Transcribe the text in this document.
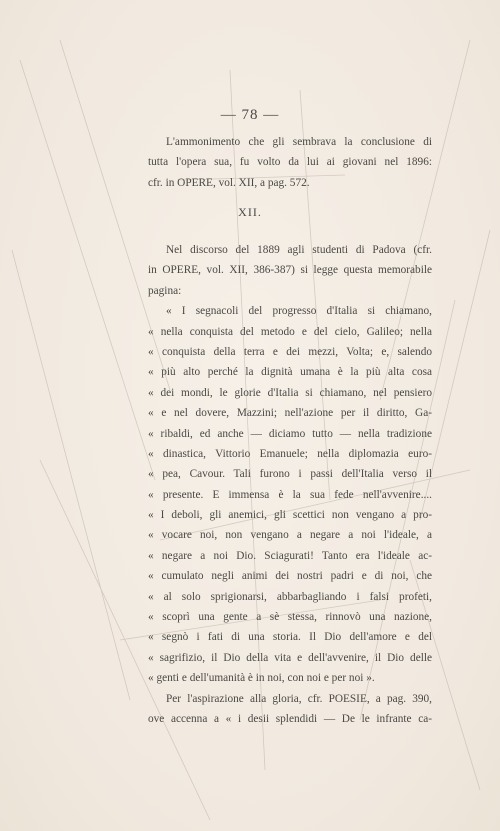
— 78 —
L'ammonimento che gli sembrava la conclusione di
tutta l'opera sua, fu volto da lui ai giovani nel 1896:
cfr. in OPERE, vol. XII, a pag. 572.
XII.
Nel discorso del 1889 agli studenti di Padova (cfr.
in OPERE, vol. XII, 386-387) si legge questa memorabile
pagina:
« I segnacoli del progresso d'Italia si chiamano,
« nella conquista del metodo e del cielo, Galileo; nella
« conquista della terra e dei mezzi, Volta; e, salendo
« più alto perché la dignità umana è la più alta cosa
« dei mondi, le glorie d'Italia si chiamano, nel pensiero
« e nel dovere, Mazzini; nell'azione per il diritto, Ga-
« ribaldi, ed anche — diciamo tutto — nella tradizione
« dinastica, Vittorio Emanuele; nella diplomazia euro-
« pea, Cavour. Tali furono i passi dell'Italia verso il
« presente. E immensa è la sua fede nell'avvenire....
« I deboli, gli anemici, gli scettici non vengano a pro-
« vocare noi, non vengano a negare a noi l'ideale, a
« negare a noi Dio. Sciagurati! Tanto era l'ideale ac-
« cumulato negli animi dei nostri padri e di noi, che
« al solo sprigionarsi, abbarbagliando i falsi profeti,
« scoprì una gente a sè stessa, rinnovò una nazione,
« segnò i fati di una storia. Il Dio dell'amore e del
« sagrifizio, il Dio della vita e dell'avvenire, il Dio delle
« genti e dell'umanità è in noi, con noi e per noi ».
Per l'aspirazione alla gloria, cfr. POESIE, a pag. 390,
ove accenna a « i desii splendidi — De le infrante ca-
